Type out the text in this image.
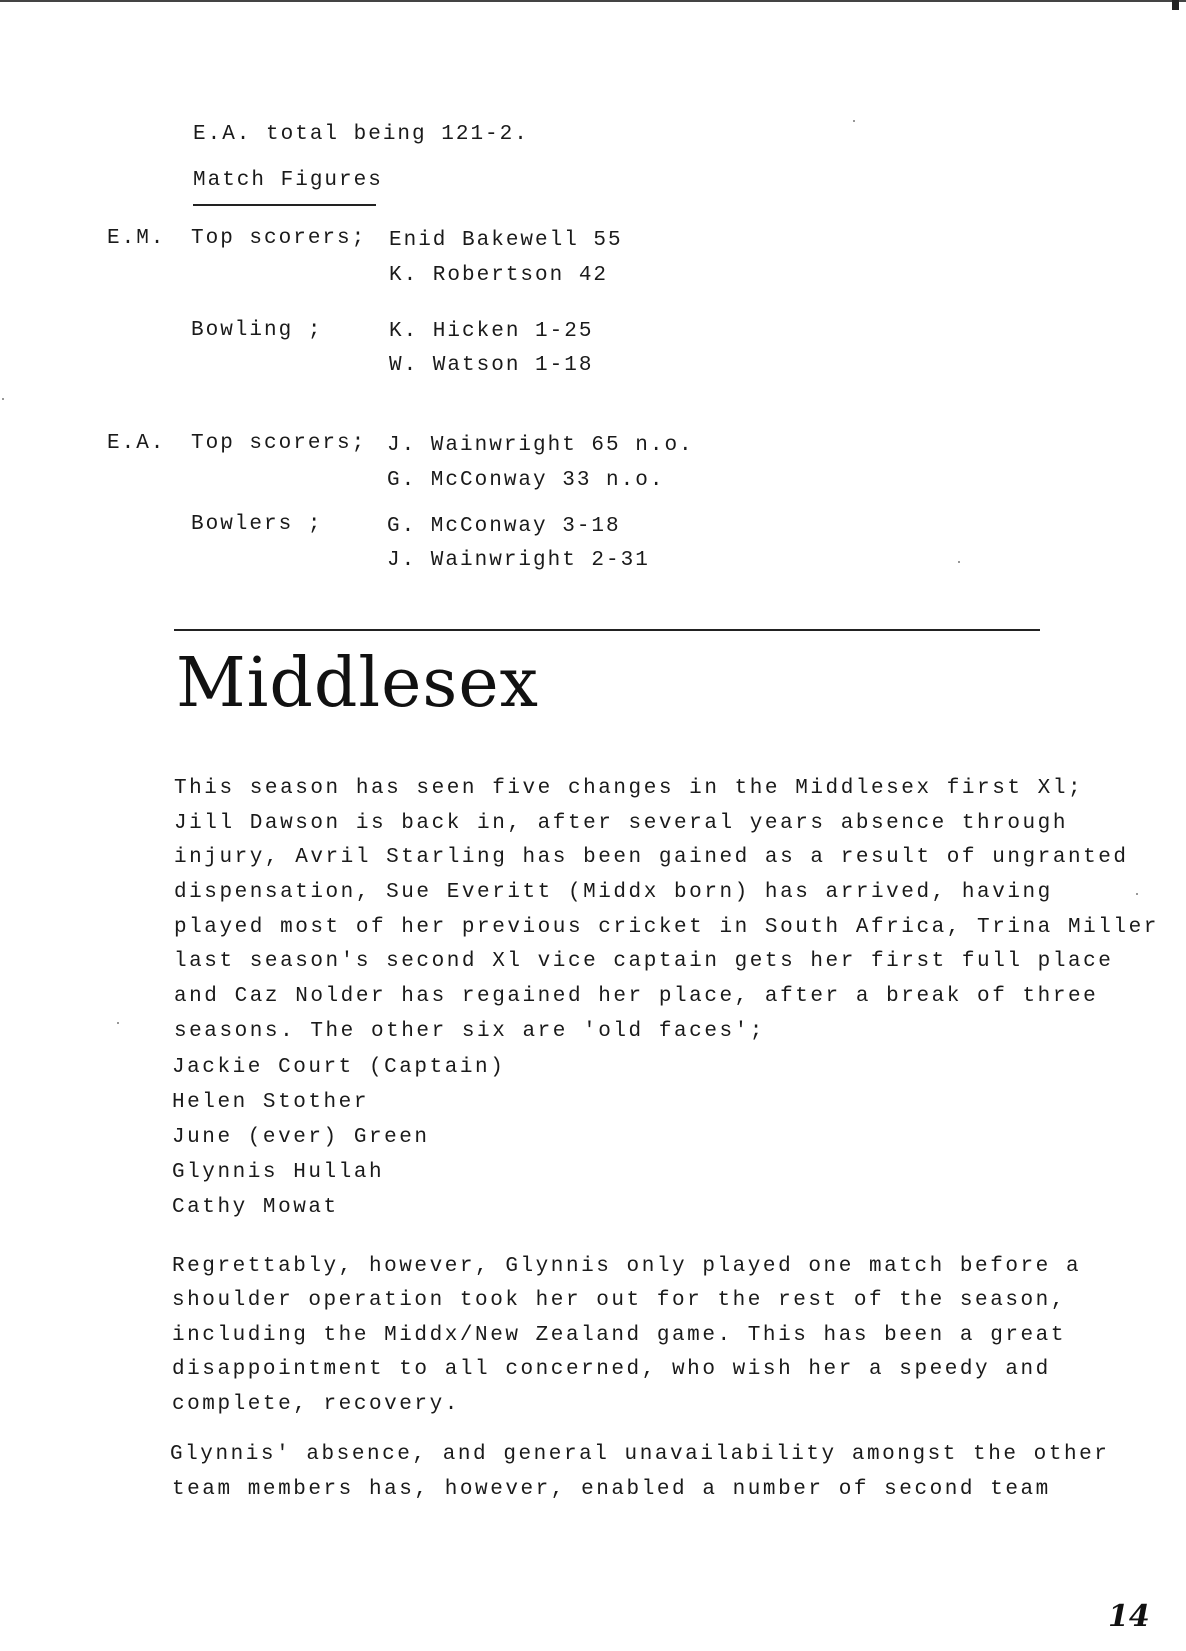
E.A. total being 121-2.
Match Figures
E.M. Top scorers; Enid Bakewell 55
K. Robertson 42
Bowling ;	K. Hicken 1-25
W. Watson 1-18
E.A. Top scorers; J. Wainwright 65 n.o.
G. McConway 33 n.o.
Bowlers ;	G. McConway 3-18
J. Wainwright 2-31
Middlesex
This season has seen five changes in the Middlesex first Xl;
Jill Dawson is back in, after several years absence through
injury, Avril Starling has been gained as a result of ungranted
dispensation, Sue Everitt (Middx born) has arrived, having
played most of her previous cricket in South Africa, Trina Miller
last season's second Xl vice captain gets her first full place
and Caz Nolder has regained her place, after a break of three
seasons. The other six are 'old faces';
Jackie Court (Captain)
Helen Stother
June (ever) Green
Glynnis Hullah
Cathy Mowat
Regrettably, however, Glynnis only played one match before a
shoulder operation took her out for the rest of the season,
including the Middx/New Zealand game. This has been a great
disappointment to all concerned, who wish her a speedy and
complete, recovery.
Glynnis' absence, and general unavailability amongst the other
team members has, however, enabled a number of second team
14
